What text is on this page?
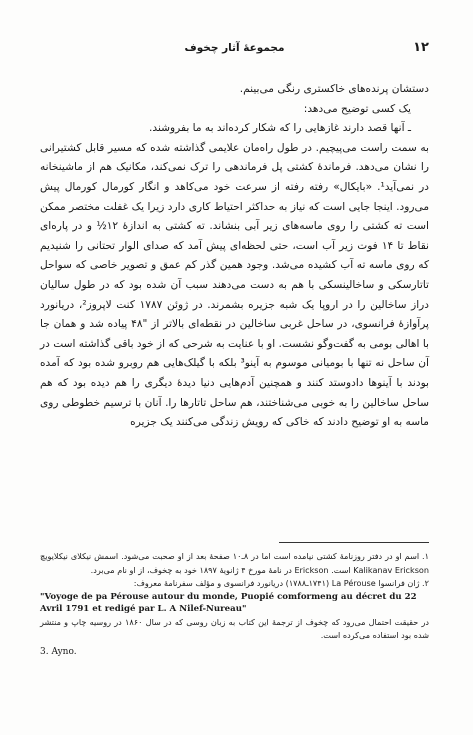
۱۲
مجموعهٔ آثار چخوف

دستشان پرنده‌های خاکستری رنگی می‌بینم.

یک کسی توضیح می‌دهد:

ـ آنها قصد دارند غازهایی را که شکار کرده‌اند به ما بفروشند.

به سمت راست می‌پیچیم. در طول راه‌مان علایمی گذاشته شده که مسیر قابل کشتیرانی را نشان می‌دهد. فرماندهٔ کشتی پل فرماندهی را ترک نمی‌کند، مکانیک هم از ماشینخانه در نمی‌آید¹. «بایکال» رفته رفته از سرعت خود می‌کاهد و انگار کورمال کورمال پیش می‌رود. اینجا جایی است که نیاز به حداکثر احتیاط کاری دارد زیرا یک غفلت مختصر ممکن است ته کشتی را روی ماسه‌های زیر آبی بنشاند. ته کشتی به اندازهٔ ۱۲½ و در پاره‌ای نقاط تا ۱۴ فوت زیر آب است، حتی لحظه‌ای پیش آمد که صدای الوار تحتانی را شنیدیم که روی ماسه ته آب کشیده می‌شد. وجود همین گذر کم عمق و تصویر خاصی که سواحل تاتارسکی و ساخالینسکی با هم به دست می‌دهند سبب آن شده بود که در طول سالیان دراز ساخالین را در اروپا یک شبه جزیره بشمرند. در ژوئن ۱۷۸۷ کنت لاپروز²، دریانورد پرآوازهٔ فرانسوی، در ساحل غربی ساخالین در نقطه‌ای بالاتر از "۴۸ پیاده شد و همان جا با اهالی بومی به گفت‌وگو نشست. او با عنایت به شرحی که از خود باقی گذاشته است در آن ساحل نه تنها با بومیانی موسوم به آینو³ بلکه با گیلک‌هایی هم روبرو شده بود که آمده بودند با آینوها دادوستد کنند و همچنین آدم‌هایی دنیا دیدهٔ دیگری را هم دیده بود که هم ساحل ساخالین را به خوبی می‌شناختند، هم ساحل تاتارها را. آنان با ترسیم خطوطی روی ماسه به او توضیح دادند که خاکی که رویش زندگی می‌کنند یک جزیره

۱. اسم او در دفتر روزنامهٔ کشتی نیامده است اما در ۸ـ۱۰ صفحهٔ بعد از او صحبت می‌شود. اسمش نیکلای نیکلایویچ Kalikanav Erickson است. Erickson در نامهٔ مورخ ۴ ژانویهٔ ۱۸۹۷ خود به چخوف، از او نام می‌برد.

۲. ژان فرانسوا La Pérouse (۱۷۴۱ـ۱۷۸۸) دریانورد فرانسوی و مؤلف سفرنامهٔ معروف:

"Voyoge de pa Pérouse autour du monde, Puopié comformeng au décret du 22 Avril 1791 et redigé par L. A Nilef-Nureau"

در حقیقت احتمال می‌رود که چخوف از ترجمهٔ این کتاب به زبان روسی که در سال ۱۸۶۰ در روسیه چاپ و منتشر شده بود استفاده می‌کرده است.

3. Ayno.
